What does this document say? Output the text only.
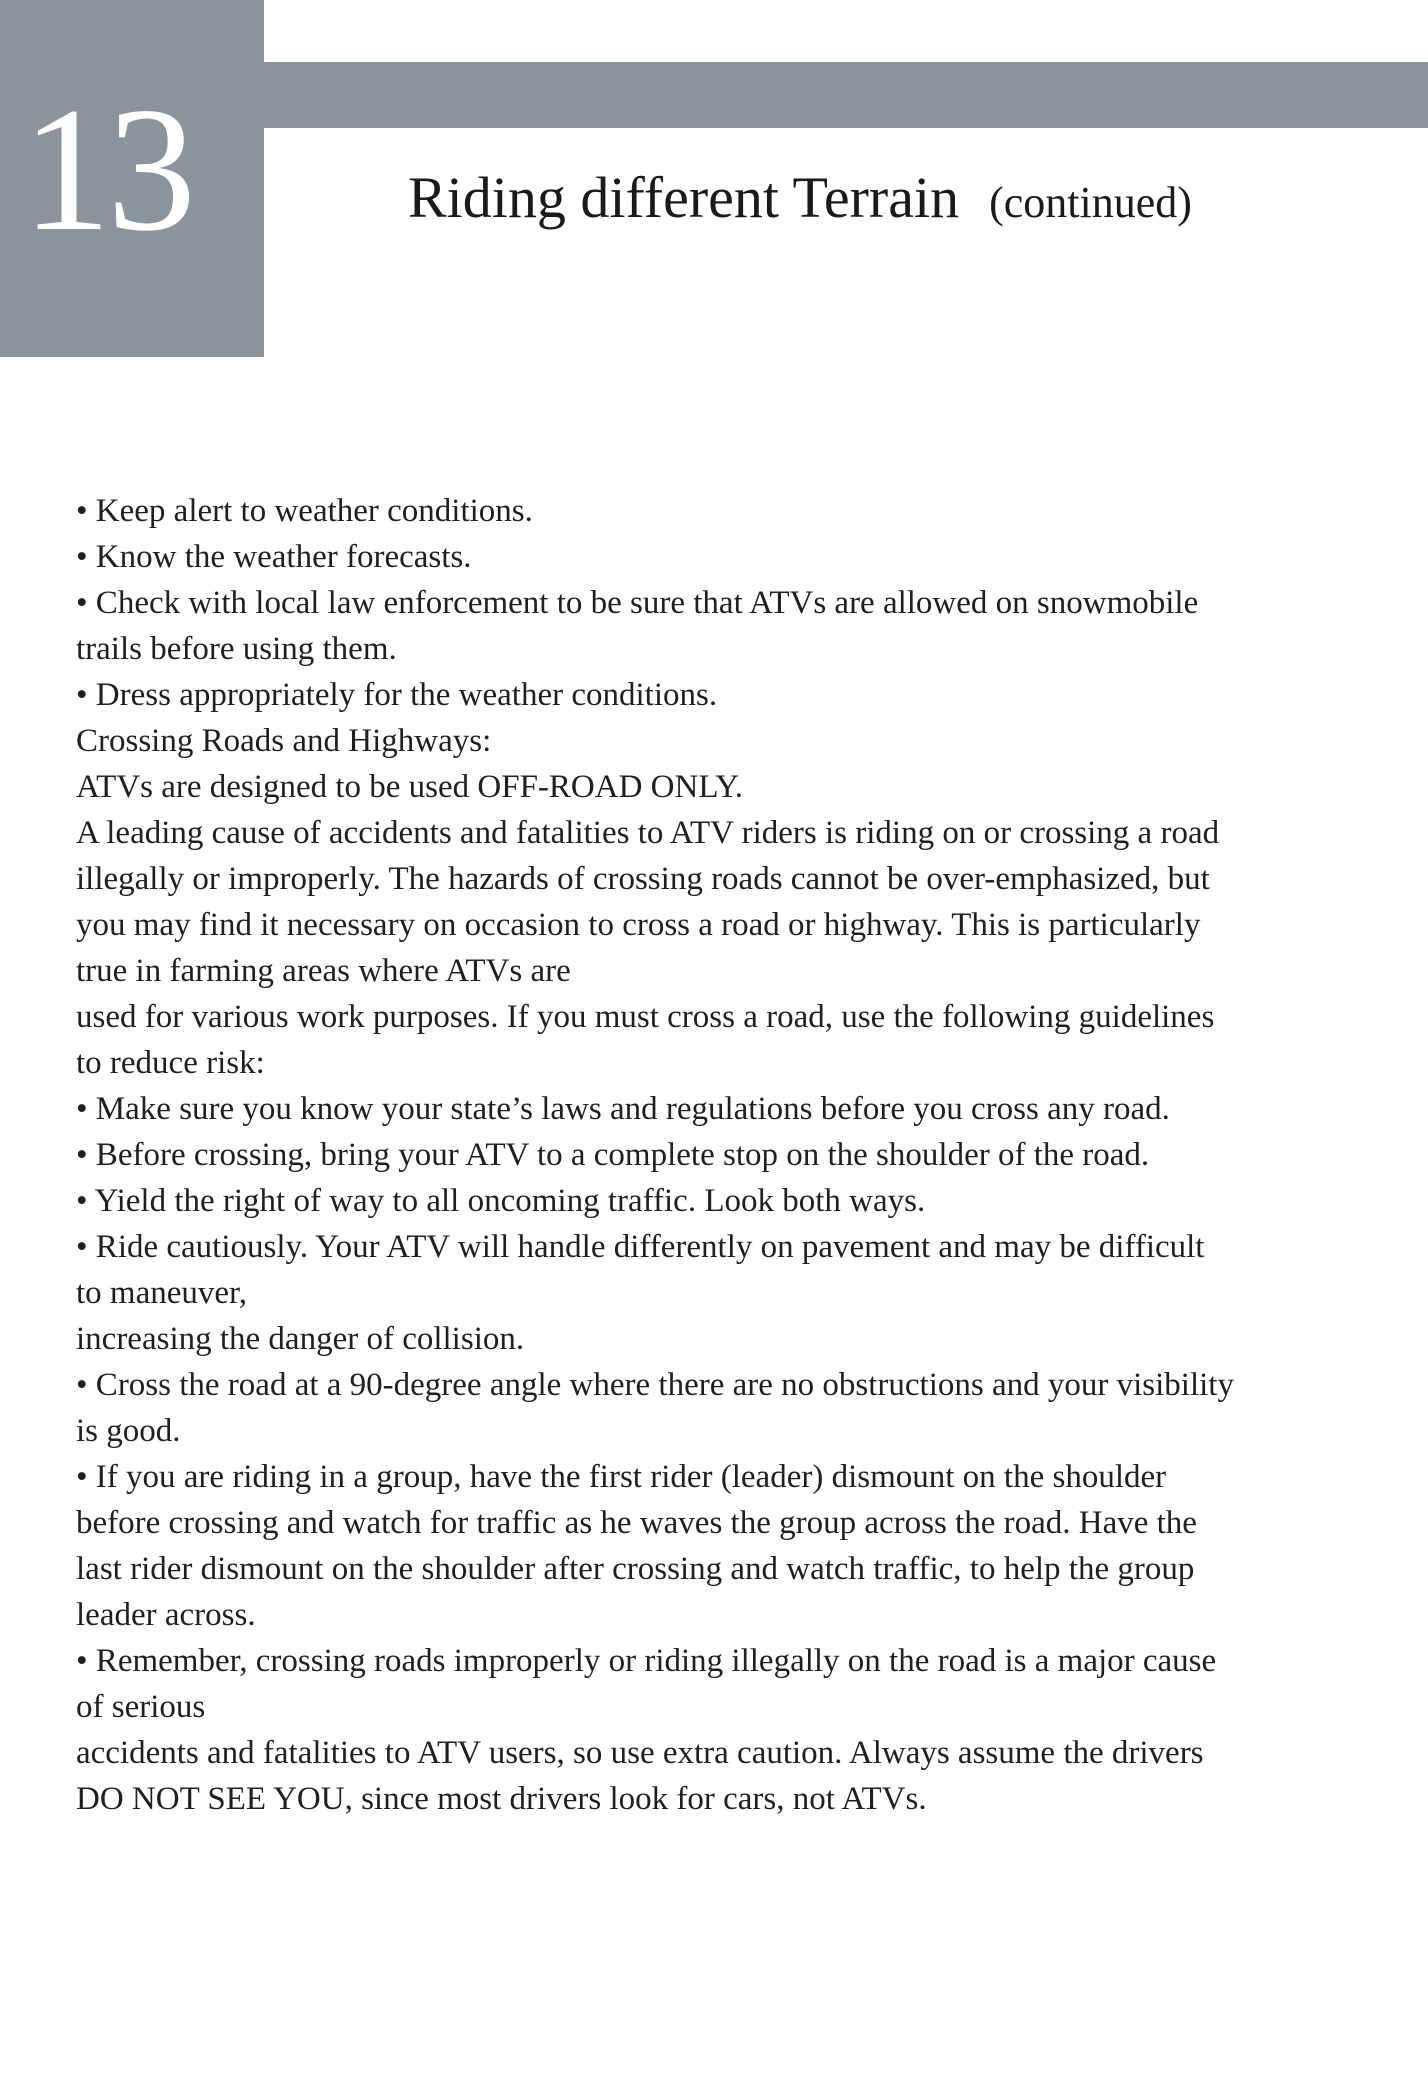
13	Riding different Terrain (continued)
• Keep alert to weather conditions.
• Know the weather forecasts.
• Check with local law enforcement to be sure that ATVs are allowed on snowmobile
trails before using them.
• Dress appropriately for the weather conditions.
Crossing Roads and Highways:
ATVs are designed to be used OFF-ROAD ONLY.
A leading cause of accidents and fatalities to ATV riders is riding on or crossing a road
illegally or improperly. The hazards of crossing roads cannot be over-emphasized, but
you may find it necessary on occasion to cross a road or highway. This is particularly
true in farming areas where ATVs are
used for various work purposes. If you must cross a road, use the following guidelines
to reduce risk:
• Make sure you know your state’s laws and regulations before you cross any road.
• Before crossing, bring your ATV to a complete stop on the shoulder of the road.
• Yield the right of way to all oncoming traffic. Look both ways.
• Ride cautiously. Your ATV will handle differently on pavement and may be difficult
to maneuver,
increasing the danger of collision.
• Cross the road at a 90-degree angle where there are no obstructions and your visibility
is good.
• If you are riding in a group, have the first rider (leader) dismount on the shoulder
before crossing and watch for traffic as he waves the group across the road. Have the
last rider dismount on the shoulder after crossing and watch traffic, to help the group
leader across.
• Remember, crossing roads improperly or riding illegally on the road is a major cause
of serious
accidents and fatalities to ATV users, so use extra caution. Always assume the drivers
DO NOT SEE YOU, since most drivers look for cars, not ATVs.
